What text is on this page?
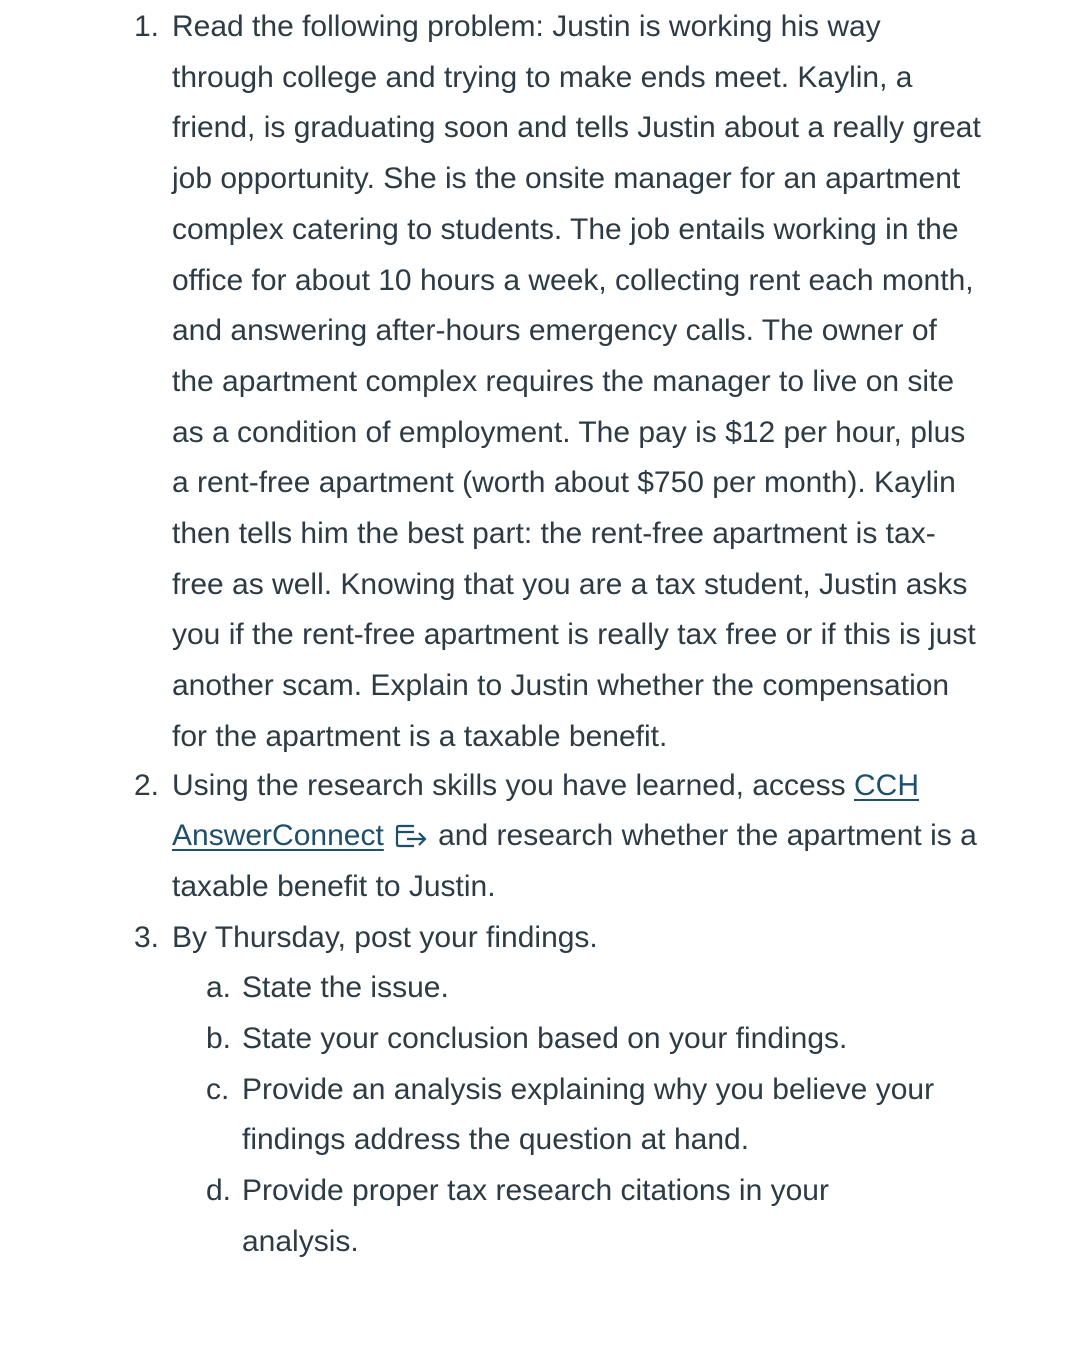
1. Read the following problem: Justin is working his way through college and trying to make ends meet. Kaylin, a friend, is graduating soon and tells Justin about a really great job opportunity. She is the onsite manager for an apartment complex catering to students. The job entails working in the office for about 10 hours a week, collecting rent each month, and answering after-hours emergency calls. The owner of the apartment complex requires the manager to live on site as a condition of employment. The pay is $12 per hour, plus a rent-free apartment (worth about $750 per month). Kaylin then tells him the best part: the rent-free apartment is tax-free as well. Knowing that you are a tax student, Justin asks you if the rent-free apartment is really tax free or if this is just another scam. Explain to Justin whether the compensation for the apartment is a taxable benefit.
2. Using the research skills you have learned, access CCH AnswerConnect and research whether the apartment is a taxable benefit to Justin.
3. By Thursday, post your findings.
a. State the issue.
b. State your conclusion based on your findings.
c. Provide an analysis explaining why you believe your findings address the question at hand.
d. Provide proper tax research citations in your analysis.
